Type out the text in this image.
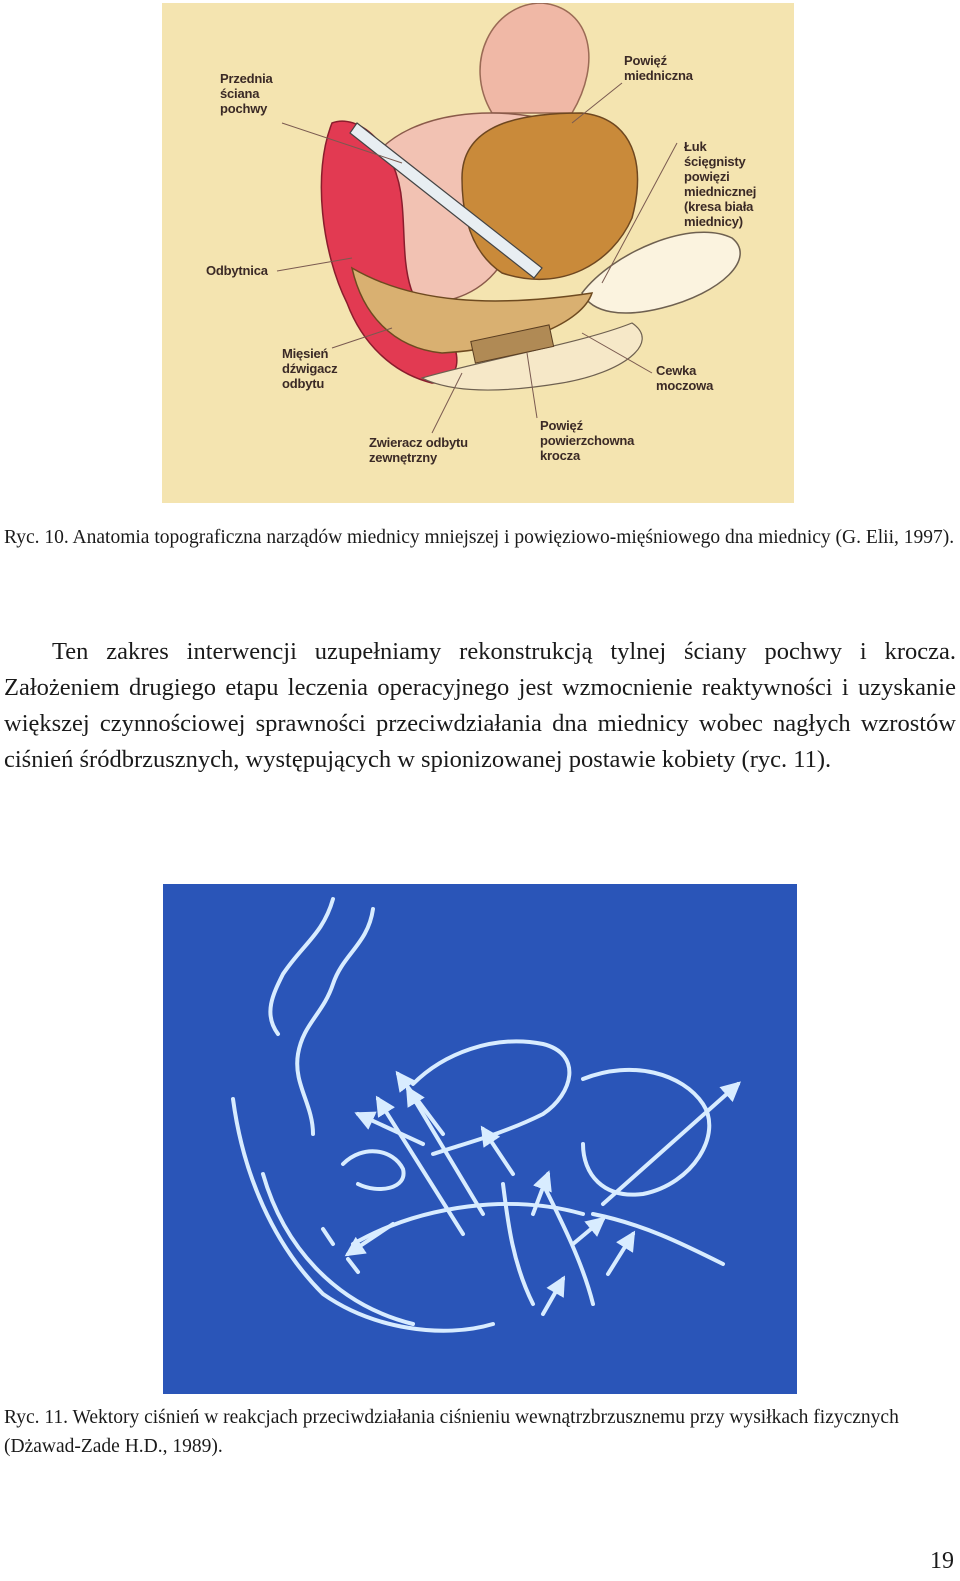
Przednia
ściana
pochwy
Powięź
miedniczna
Łuk
ścięgnisty
powięzi
miednicznej
(kresa biała
miednicy)
Odbytnica
Mięsień
dźwigacz
odbytu
Cewka
moczowa
Zwieracz odbytu
zewnętrzny
Powięź
powierzchowna
krocza
Ryc. 10. Anatomia topograficzna narządów miednicy mniejszej i powięziowo-mięśniowego dna miednicy (G. Elii, 1997).

Ten zakres interwencji uzupełniamy rekonstrukcją tylnej ściany pochwy i krocza. Założeniem drugiego etapu leczenia operacyjnego jest wzmocnienie reaktywności i uzyskanie większej czynnościowej sprawności przeciwdziałania dna miednicy wobec nagłych wzrostów ciśnień śródbrzusznych, występujących w spionizowanej postawie kobiety (ryc. 11).

Ryc. 11. Wektory ciśnień w reakcjach przeciwdziałania ciśnieniu wewnątrzbrzusznemu przy wysiłkach fizycznych (Dżawad-Zade H.D., 1989).
19
